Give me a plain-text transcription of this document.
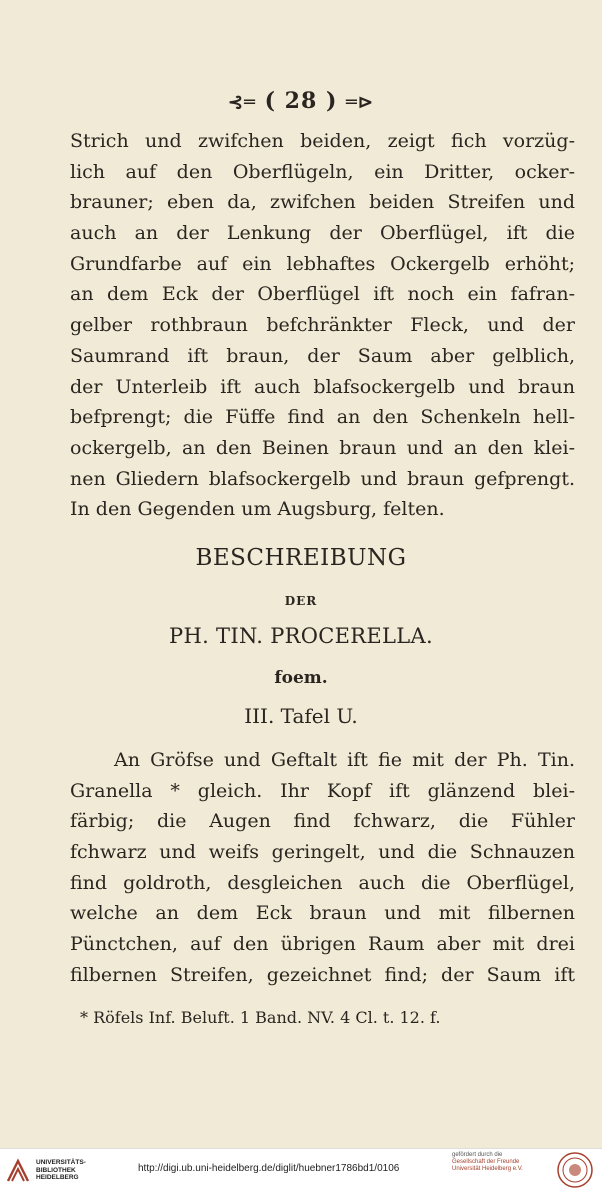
⊰═ ( 28 ) ═⊳
Strich und zwifchen beiden, zeigt fich vorzüg-
lich auf den Oberflügeln, ein Dritter, ocker-
brauner; eben da, zwifchen beiden Streifen und
auch an der Lenkung der Oberflügel, ift die
Grundfarbe auf ein lebhaftes Ockergelb erhöht;
an dem Eck der Oberflügel ift noch ein fafran-
gelber rothbraun befchränkter Fleck, und der
Saumrand ift braun, der Saum aber gelblich,
der Unterleib ift auch blafsockergelb und braun
befprengt; die Füffe find an den Schenkeln hell-
ockergelb, an den Beinen braun und an den klei-
nen Gliedern blafsockergelb und braun gefprengt.
In den Gegenden um Augsburg, felten.
BESCHREIBUNG
DER
PH. TIN. PROCERELLA.
foem.
III. Tafel U.
An Gröfse und Geftalt ift fie mit der Ph. Tin.
Granella * gleich. Ihr Kopf ift glänzend blei-
färbig; die Augen find fchwarz, die Fühler
fchwarz und weifs geringelt, und die Schnauzen
find goldroth, desgleichen auch die Oberflügel,
welche an dem Eck braun und mit filbernen
Pünctchen, auf den übrigen Raum aber mit drei
filbernen Streifen, gezeichnet find; der Saum ift
* Röfels Inf. Beluft. 1 Band. NV. 4 Cl. t. 12. f.
UNIVERSITÄTS-
BIBLIOTHEK
HEIDELBERG
http://digi.ub.uni-heidelberg.de/diglit/huebner1786bd1/0106
gefördert durch die
Gesellschaft der Freunde
Universität Heidelberg e.V.
